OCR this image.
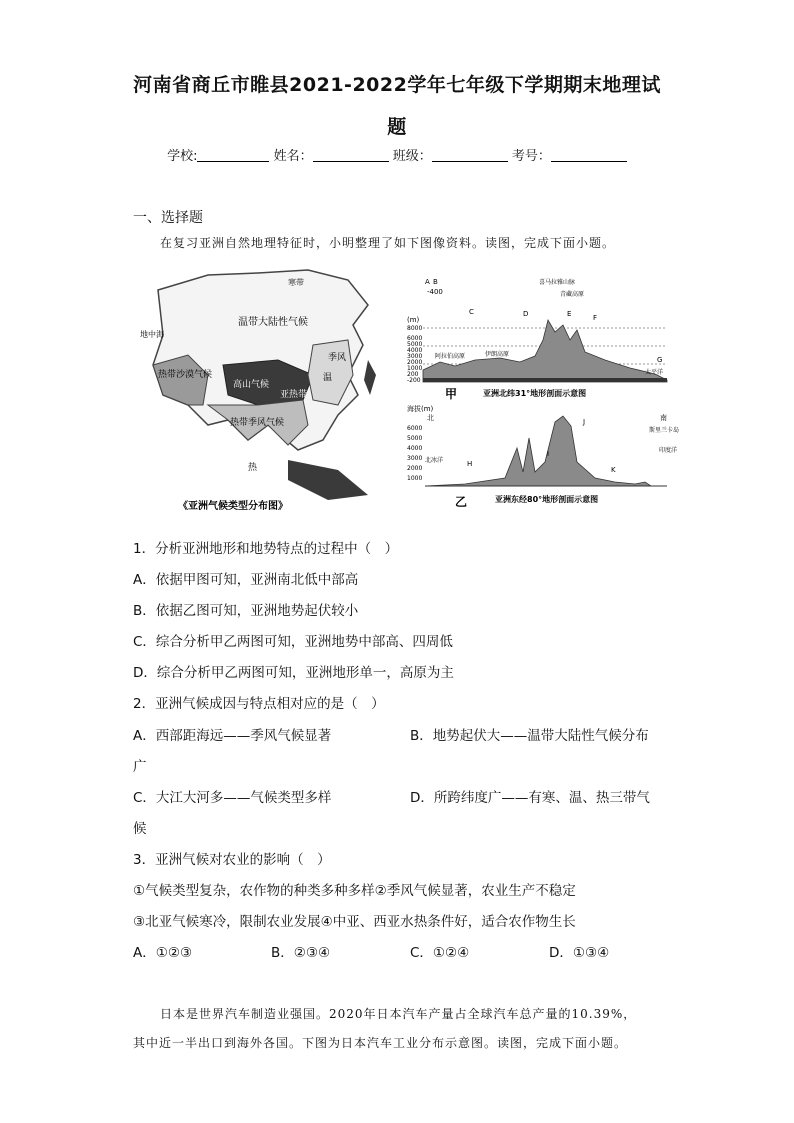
河南省商丘市睢县2021-2022学年七年级下学期期末地理试
题
学校:	姓名：	班级：	考号：
一、选择题
在复习亚洲自然地理特征时，小明整理了如下图像资料。读图，完成下面小题。
温带大陆性气候
热带沙漠气候
高山气候
亚热带
热带季风气候
季风
温
热
地中海
寒带
《亚洲气候类型分布图》
(m)
A B
-400
C	D	E	F
G
8000
6000
5000
4000
3000
2000
1000
200
-200
阿拉伯高原	伊朗高原
喜马拉雅山脉
青藏高原
太平洋
甲	亚洲北纬31°地形剖面示意图
海拔(m)
北	南
6000
5000
4000
3000
2000
1000
北冰洋
斯里兰卡岛
印度洋
H
I
J
K
乙	亚洲东经80°地形剖面示意图
1．分析亚洲地形和地势特点的过程中（　）
A．依据甲图可知，亚洲南北低中部高
B．依据乙图可知，亚洲地势起伏较小
C．综合分析甲乙两图可知，亚洲地势中部高、四周低
D．综合分析甲乙两图可知，亚洲地形单一，高原为主
2．亚洲气候成因与特点相对应的是（　）
A．西部距海远——季风气候显著	B．地势起伏大——温带大陆性气候分布
广
C．大江大河多——气候类型多样	D．所跨纬度广——有寒、温、热三带气
候
3．亚洲气候对农业的影响（　）
①气候类型复杂，农作物的种类多种多样②季风气候显著，农业生产不稳定
③北亚气候寒冷，限制农业发展④中亚、西亚水热条件好，适合农作物生长
A．①②③	B．②③④	C．①②④	D．①③④
日本是世界汽车制造业强国。2020年日本汽车产量占全球汽车总产量的10.39%，
其中近一半出口到海外各国。下图为日本汽车工业分布示意图。读图，完成下面小题。
